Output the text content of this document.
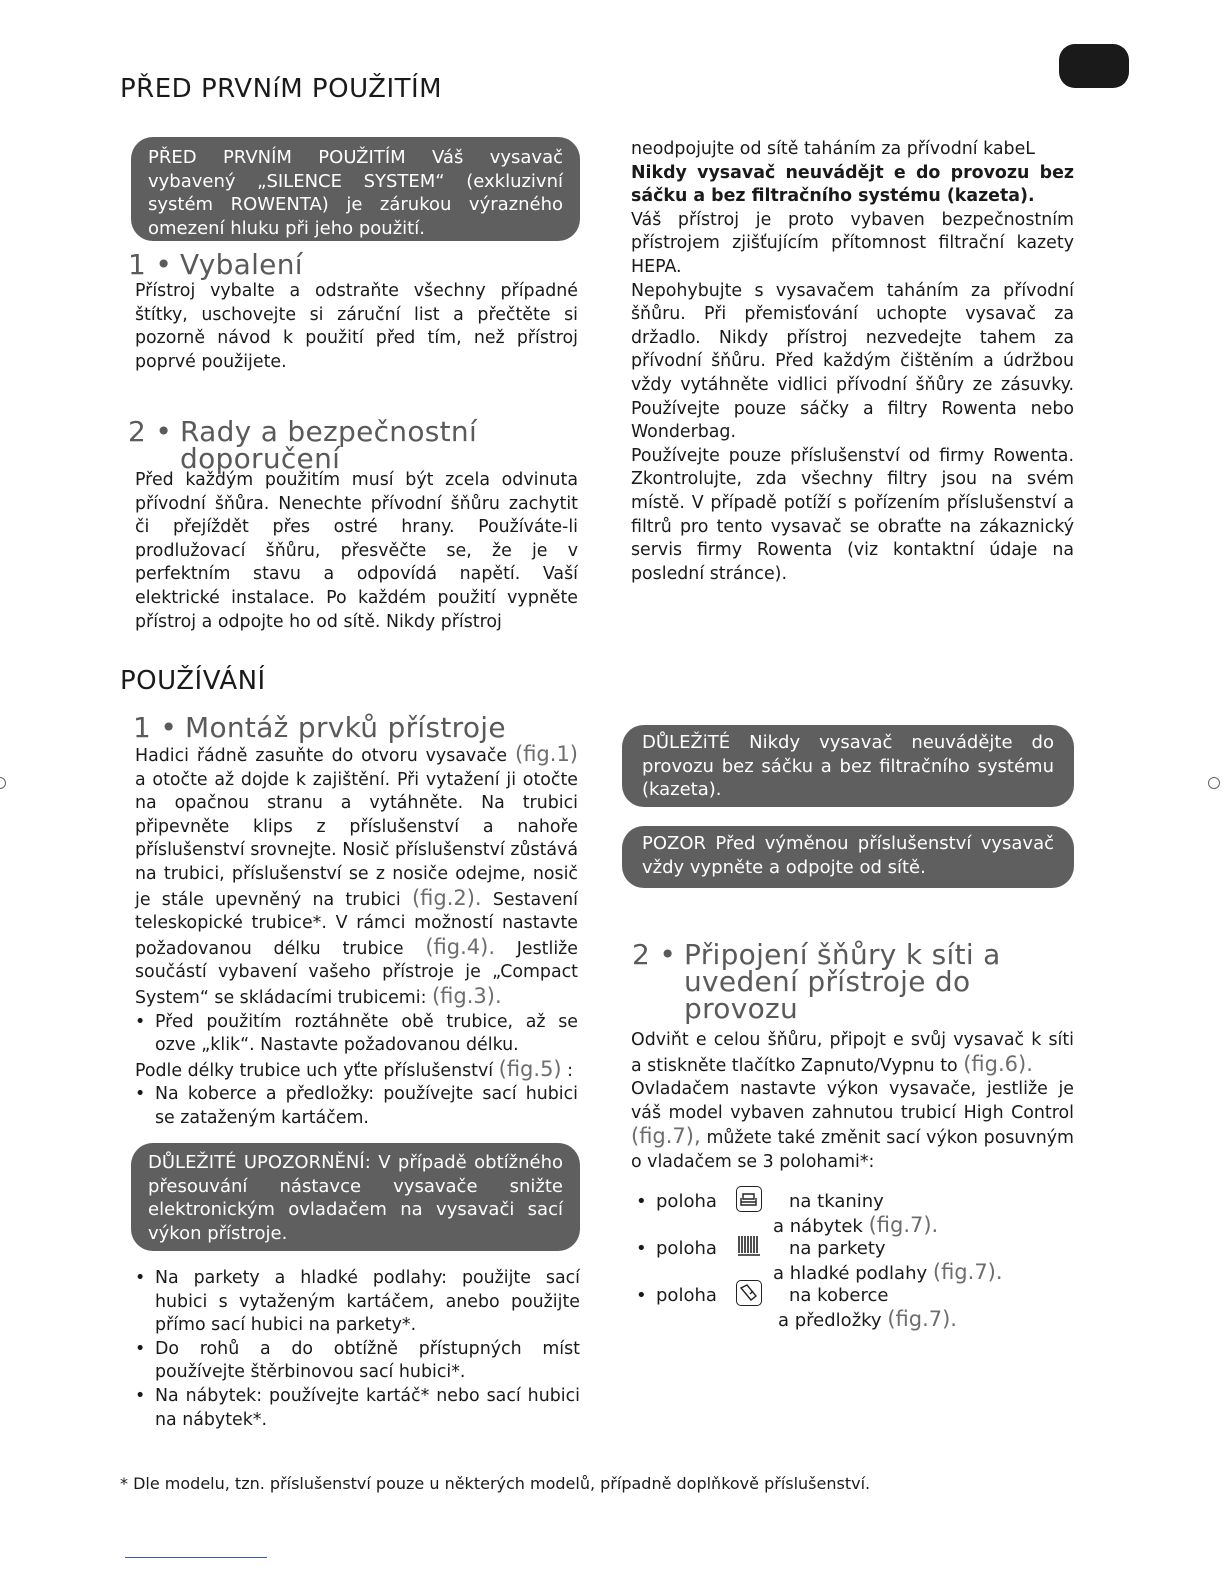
PŘED PRVNíM POUŽITÍM
PŘED PRVNÍM POUŽITÍM Váš vysavač vybavený „SILENCE SYSTEM“ (exkluzivní systém ROWENTA) je zárukou výrazného omezení hluku při jeho použití.
1 • Vybalení
Přístroj vybalte a odstraňte všechny případné štítky, uschovejte si záruční list a přečtěte si pozorně návod k použití před tím, než přístroj poprvé použijete.
2 • Rady a bezpečnostní
doporučení
Před každým použitím musí být zcela odvinuta přívodní šňůra. Nenechte přívodní šňůru zachytit či přejíždět přes ostré hrany. Používáte-li prodlužovací šňůru, přesvěčte se, že je v perfektním stavu a odpovídá napětí. Vaší elektrické instalace. Po každém použití vypněte přístroj a odpojte ho od sítě. Nikdy přístroj

neodpojujte od sítě taháním za přívodní kabeL

Nikdy vysavač neuvádějt e do provozu bez sáčku a bez filtračního systému (kazeta).

Váš přístroj je proto vybaven bezpečnostním přístrojem zjišťujícím přítomnost filtrační kazety HEPA.

Nepohybujte s vysavačem taháním za přívodní šňůru. Při přemisťování uchopte vysavač za držadlo. Nikdy přístroj nezvedejte tahem za přívodní šňůru. Před každým čištěním a údržbou vždy vytáhněte vidlici přívodní šňůry ze zásuvky. Používejte pouze sáčky a filtry Rowenta nebo Wonderbag.

Používejte pouze příslušenství od firmy Rowenta. Zkontrolujte, zda všechny filtry jsou na svém místě. V případě potíží s pořízením příslušenství a filtrů pro tento vysavač se obraťte na zákaznický servis firmy Rowenta (viz kontaktní údaje na poslední stránce).

POUŽÍVÁNÍ
1 • Montáž prvků přístroje

Hadici řádně zasuňte do otvoru vysavače (fig.1) a otočte až dojde k zajištění. Při vytažení ji otočte na opačnou stranu a vytáhněte. Na trubici připevněte klips z příslušenství a nahoře příslušenství srovnejte. Nosič příslušenství zůstává na trubici, příslušenství se z nosiče odejme, nosič je stále upevněný na trubici (fig.2). Sestavení teleskopické trubice*. V rámci možností nastavte požadovanou délku trubice (fig.4). Jestliže součástí vybavení vašeho přístroje je „Compact System“ se skládacími trubicemi: (fig.3).

• Před použitím roztáhněte obě trubice, až se ozve „klik“. Nastavte požadovanou délku.

Podle délky trubice uch yťte příslušenství (fig.5) :

• Na koberce a předložky: používejte sací hubici se zataženým kartáčem.
DŮLEŽITÉ UPOZORNĚNÍ: V případě obtížného přesouvání nástavce vysavače snižte elektronickým ovladačem na vysavači sací výkon přístroje.
• Na parkety a hladké podlahy: použijte sací hubici s vytaženým kartáčem, anebo použijte přímo sací hubici na parkety*.
• Do rohů a do obtížně přístupných míst používejte štěrbinovou sací hubici*.
• Na nábytek: používejte kartáč* nebo sací hubici na nábytek*.
DŮLEŽiTÉ Nikdy vysavač neuvádějte do provozu bez sáčku a bez filtračního systému (kazeta).
POZOR Před výměnou příslušenství vysavač vždy vypněte a odpojte od sítě.
2 • Připojení šňůry k síti a
uvedení přístroje do
provozu

Odviňt e celou šňůru, připojt e svůj vysavač k síti a stiskněte tlačítko Zapnuto/Vypnu to (fig.6).

Ovladačem nastavte výkon vysavače, jestliže je váš model vybaven zahnutou trubicí High Control (fig.7), můžete také změnit sací výkon posuvným o vladačem se 3 polohami*:

• poloha	na tkaniny
a nábytek (fig.7).
• poloha	na parkety
a hladké podlahy (fig.7).
• poloha	na koberce
a předložky (fig.7).
* Dle modelu, tzn. příslušenství pouze u některých modelů, případně doplňkově příslušenství.
